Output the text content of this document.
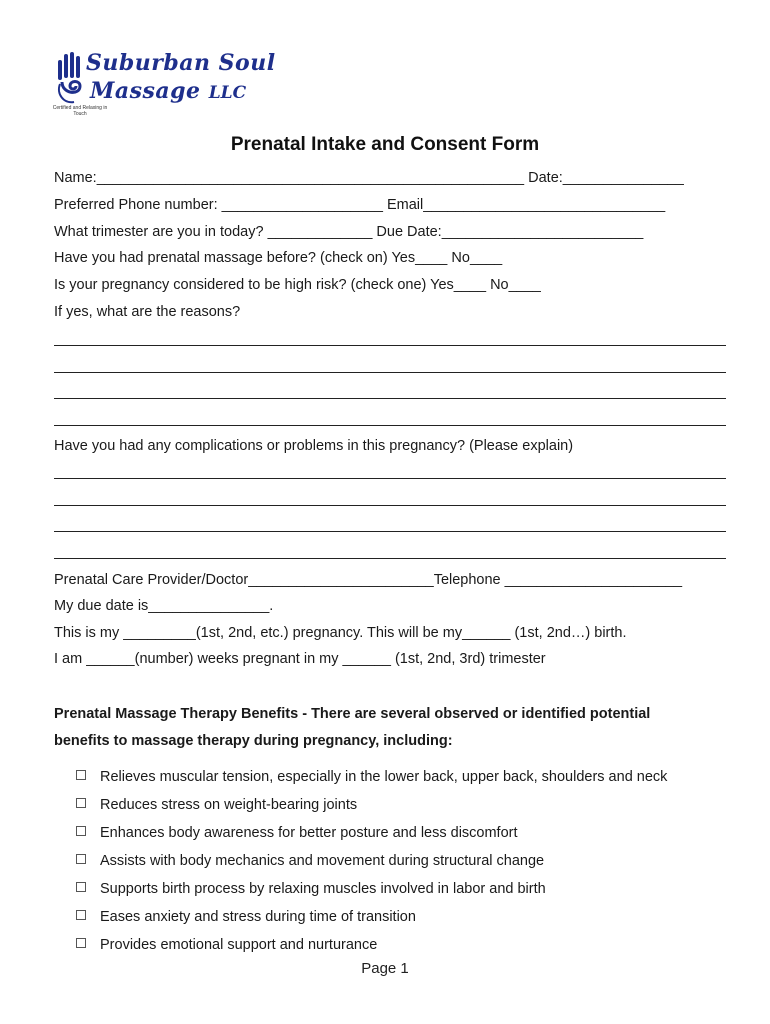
Suburban Soul
Massage LLC
Certified and Relaxing in Touch
Prenatal Intake and Consent Form
Name:_____________________________________________________ Date:_______________
Preferred Phone number: ____________________ Email______________________________
What trimester are you in today? _____________ Due Date:_________________________
Have you had prenatal massage before? (check on) Yes____ No____
Is your pregnancy considered to be high risk? (check one) Yes____ No____
If yes, what are the reasons?
Have you had any complications or problems in this pregnancy? (Please explain)
Prenatal Care Provider/Doctor_______________________Telephone ______________________
My due date is_______________.
This is my _________(1st, 2nd, etc.) pregnancy. This will be my______ (1st, 2nd…) birth.
I am ______(number) weeks pregnant in my ______ (1st, 2nd, 3rd) trimester
Prenatal Massage Therapy Benefits - There are several observed or identified potential
benefits to massage therapy during pregnancy, including:
Relieves muscular tension, especially in the lower back, upper back, shoulders and neck
Reduces stress on weight-bearing joints
Enhances body awareness for better posture and less discomfort
Assists with body mechanics and movement during structural change
Supports birth process by relaxing muscles involved in labor and birth
Eases anxiety and stress during time of transition
Provides emotional support and nurturance
Page 1
